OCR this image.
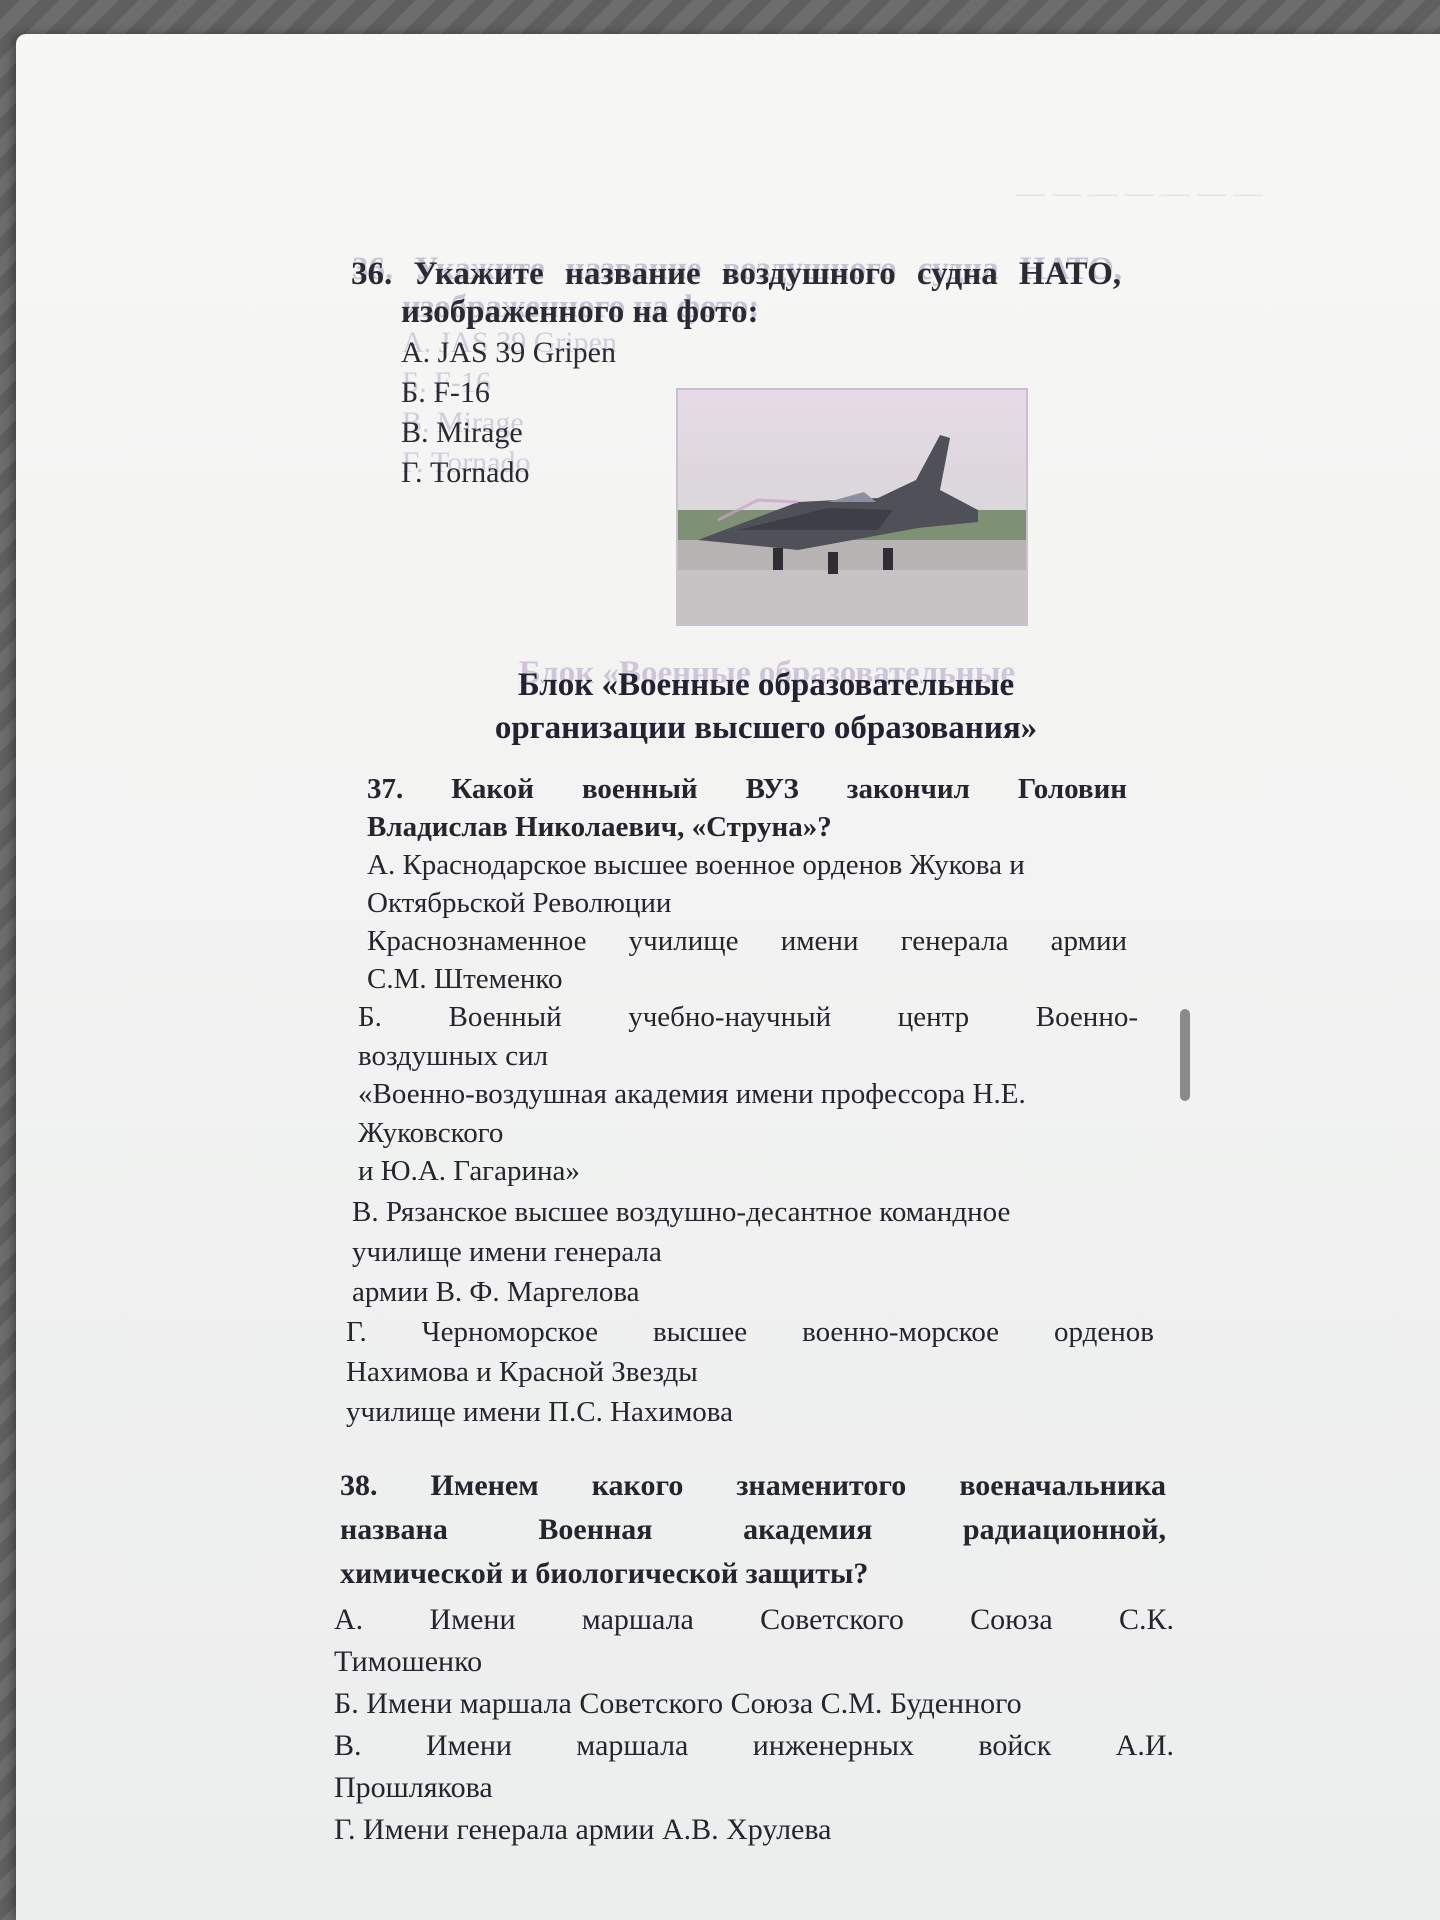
— — — — — — —
36. Укажите название воздушного судна НАТО,
изображенного на фото:
А. JAS 39 Gripen
Б. F-16
В. Mirage
Г. Tornado
Блок «Военные образовательные
организации высшего образования»
37. Какой военный ВУЗ закончил Головин
Владислав Николаевич, «Струна»?
А. Краснодарское высшее военное орденов Жукова и
Октябрьской Революции
Краснознаменное училище имени генерала армии
С.М. Штеменко
Б. Военный учебно-научный центр Военно-
воздушных сил
«Военно-воздушная академия имени профессора Н.Е.
Жуковского
и Ю.А. Гагарина»
В. Рязанское высшее воздушно-десантное командное
училище имени генерала
армии В. Ф. Маргелова
Г. Черноморское высшее военно-морское орденов
Нахимова и Красной Звезды
училище имени П.С. Нахимова
38. Именем какого знаменитого военачальника
названа Военная академия радиационной,
химической и биологической защиты?
А. Имени маршала Советского Союза С.К.
Тимошенко
Б. Имени маршала Советского Союза С.М. Буденного
В. Имени маршала инженерных войск А.И.
Прошлякова
Г. Имени генерала армии А.В. Хрулева
